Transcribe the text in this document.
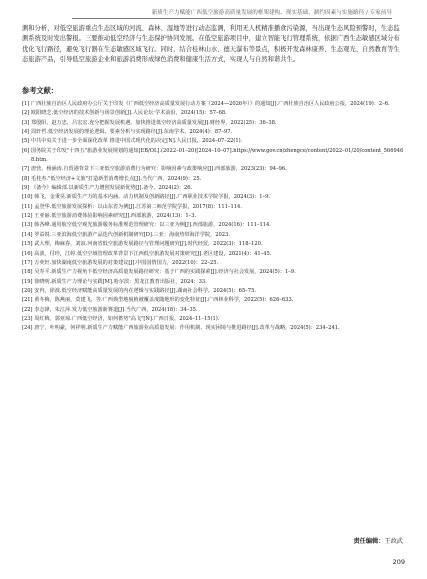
新质生产力赋能广西低空旅游高质量发展的框架建构、现实基础、制约因素与实施路径 / 专家前导

测和分析，对低空旅游重点生态区域的河流、森林、湿地等进行动态监测，利用无人机精准播食污染源，当出现生态风险预警时，生态监测系统及时发出警报。三要推动低空经济与生态保护协同发展。在低空旅游项目中，建立智能飞行管理系统，依据广西生态敏感区域分布优化飞行路径，避免飞行器在生态敏感区域飞行。同时，结合桂林山水、德天瀑布等景点，积极开发森林康养、生态观光、自然教育等生态旅游产品，引导低空旅游企业和旅游消费形成绿色消费和健康生活方式，实现人与自然和谐共生。

参考文献：
[1] 广西壮族自治区人民政府办公厅关于印发《广西低空经济高质量发展行动方案（2024—2026年）》的通知[J].广西壮族自治区人民政府公报，2024(19)：2–6.
[2] 欧阳晓芝.低空经济的技术创新与场景创新[J].人民论坛·学术前沿，2024(15)：57–68.
[3] 郑殷阳，赵万忠，吕宏宏.充分把握发展机遇，加快推进低空经济高质量发展[J].财经界，2022(25)：36–38.
[4] 周轩哲.低空经济发展的理论逻辑、要素分析与实现路径[J].东南学术，2024(4)：87–97.
[5] 中共中央关于进一步全面深化改革 推进中国式现代化的决定[N].人民日报，2024–07–22(1).
[6] 国务院关于印发"十四五"旅游业发展规划的通知[EB/OL].(2022–01–20)[2024–10–07].https://www.gov.cn/zhengce/content/2022–01/20/content_5669468.htm.
[7] 唐营，杨涵涛.自贸港背景下三亚低空旅游消费行为研究：影响因素与政策响应[J].西部旅游，2023(23)：94–96.
[8] 毛桂杰."低空经济+文旅"打造新型消费增长点[J].当代广西，2024(9)：25.
[9] 《备今》编辑部.以新质生产力增创发展新优势[J].备今，2024(2)：26.
[10] 韩飞，金秉昊.新质生产力的基本内涵、动力机制及创新路径[J].广西职业技术学院学报，2024(3)：1–9.
[11] 孟登华.低空旅游发展探析：以山东省为例[J].江苏第二师范学院学报，2017(8)：111–114.
[12] 王亚丽.低空旅游消费体验影响因素研究[J].西部旅游，2024(13)：1–3.
[13] 韩各峰.通用航空低空观光旅游服务标准规范管理研究：以三亚为例[J].西部旅游，2024(16)：111–114.
[14] 罗益锐.三亚滨海低空旅游产品迭代创新机制研究[D].三亚：海南热带海洋学院，2023.
[15] 武大理，梅麻春，刘浪.河南省低空旅游发展路径与管理问题研究[J].时代经贸，2022(3)：118–120.
[16] 高波，付珍，江婷.低空空域管理改革背景下江西低空旅游发展对策研究[J].老区建设，2021(4)：41–45.
[17] 万奕轩.加快湖南低空旅游发展的对策建议[J].中国国情国力，2022(10)：22–25.
[18] 吴寿平.新质生产力视角下低空经济高质量发展路径研究：基于广西的实践探索[J].经济与社会发展，2024(5)：1–9.
[19] 徐晓明.新质生产力理论与实践[M].哈尔滨：黑龙江教育出版社，2024：33.
[20] 安冉，徐波.低空经济赋能高质量发展的内在逻辑与实践路径[J].湖南社会科学，2024(5)：65–75.
[21] 黄冬梅，陈燕丽，莫建飞，等.广西典型地貌植被覆盖度随地形的变化特征[J].广西林业科学，2022(5)：626–633.
[22] 李志锋，朱江萍.发力低空旅游新赛道[J].当代广西，2024(18)：34–35.
[23] 周红梅，郭亚琼.广西低空经济，如何蓄势"高飞"[N].广西日报，2024–11–15(1).
[24] 唐宁，叶明豪，何祥明.新质生产力赋能广西旅游业高质量发展：作用机制、现实困境与推进路径[J].改革与战略，2024(5)：234–241.
责任编辑：王政武
209
